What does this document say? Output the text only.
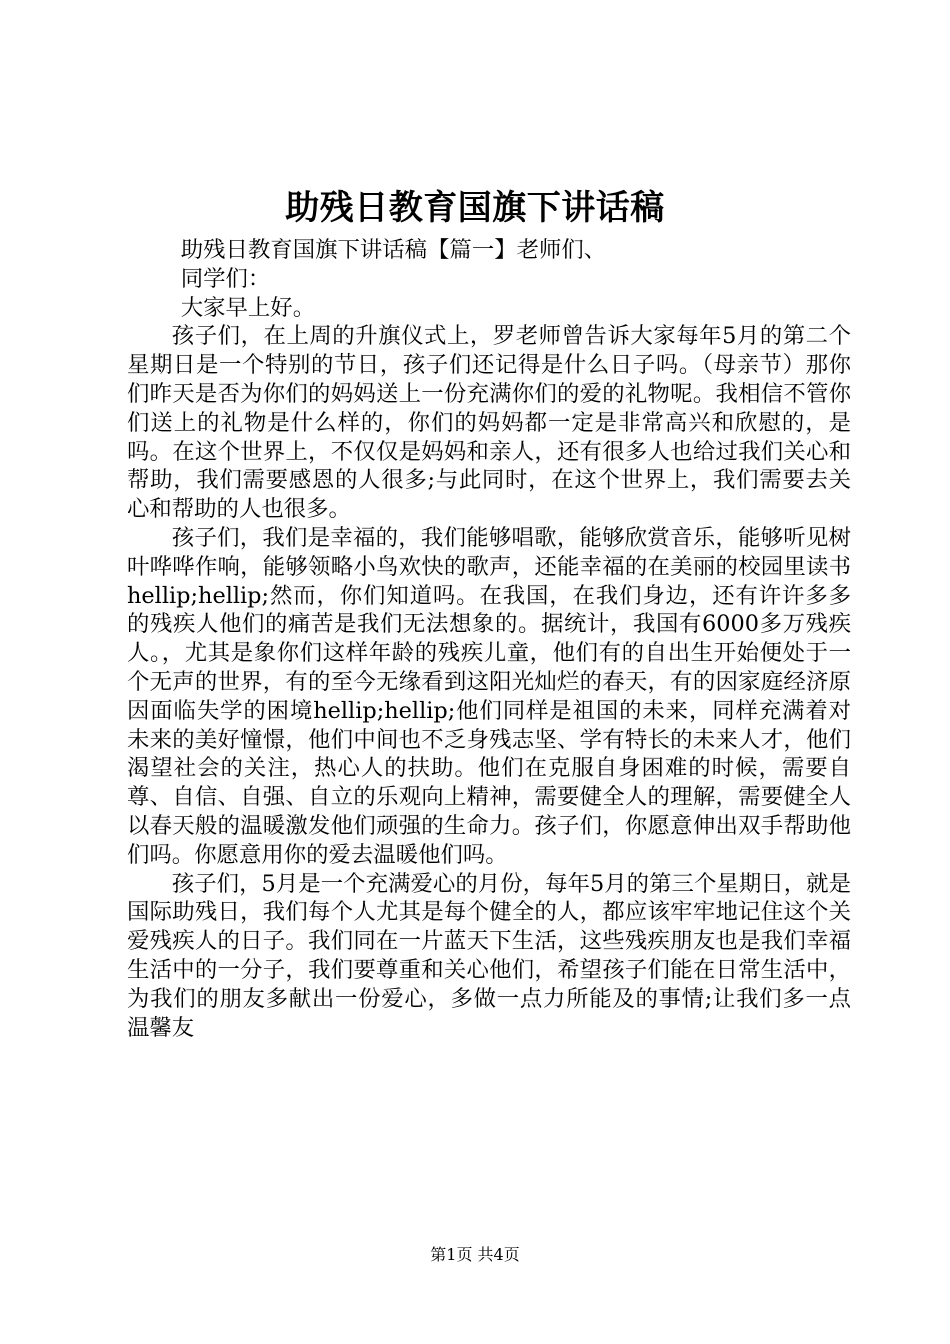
助残日教育国旗下讲话稿

助残日教育国旗下讲话稿【篇一】老师们、

同学们：

大家早上好。

孩子们，在上周的升旗仪式上，罗老师曾告诉大家每年5月的第二个星期日是一个特别的节日，孩子们还记得是什么日子吗。（母亲节）那你们昨天是否为你们的妈妈送上一份充满你们的爱的礼物呢。我相信不管你们送上的礼物是什么样的，你们的妈妈都一定是非常高兴和欣慰的，是吗。在这个世界上，不仅仅是妈妈和亲人，还有很多人也给过我们关心和帮助，我们需要感恩的人很多;与此同时，在这个世界上，我们需要去关心和帮助的人也很多。

孩子们，我们是幸福的，我们能够唱歌，能够欣赏音乐，能够听见树叶哗哗作响，能够领略小鸟欢快的歌声，还能幸福的在美丽的校园里读书hellip;hellip;然而，你们知道吗。在我国，在我们身边，还有许许多多的残疾人他们的痛苦是我们无法想象的。据统计，我国有6000多万残疾人。，尤其是象你们这样年龄的残疾儿童，他们有的自出生开始便处于一个无声的世界，有的至今无缘看到这阳光灿烂的春天，有的因家庭经济原因面临失学的困境hellip;hellip;他们同样是祖国的未来，同样充满着对未来的美好憧憬，他们中间也不乏身残志坚、学有特长的未来人才，他们渴望社会的关注，热心人的扶助。他们在克服自身困难的时候，需要自尊、自信、自强、自立的乐观向上精神，需要健全人的理解，需要健全人以春天般的温暖激发他们顽强的生命力。孩子们，你愿意伸出双手帮助他们吗。你愿意用你的爱去温暖他们吗。

孩子们，5月是一个充满爱心的月份，每年5月的第三个星期日，就是国际助残日，我们每个人尤其是每个健全的人，都应该牢牢地记住这个关爱残疾人的日子。我们同在一片蓝天下生活，这些残疾朋友也是我们幸福生活中的一分子，我们要尊重和关心他们，希望孩子们能在日常生活中，为我们的朋友多献出一份爱心，多做一点力所能及的事情;让我们多一点温馨友

第1页 共4页
